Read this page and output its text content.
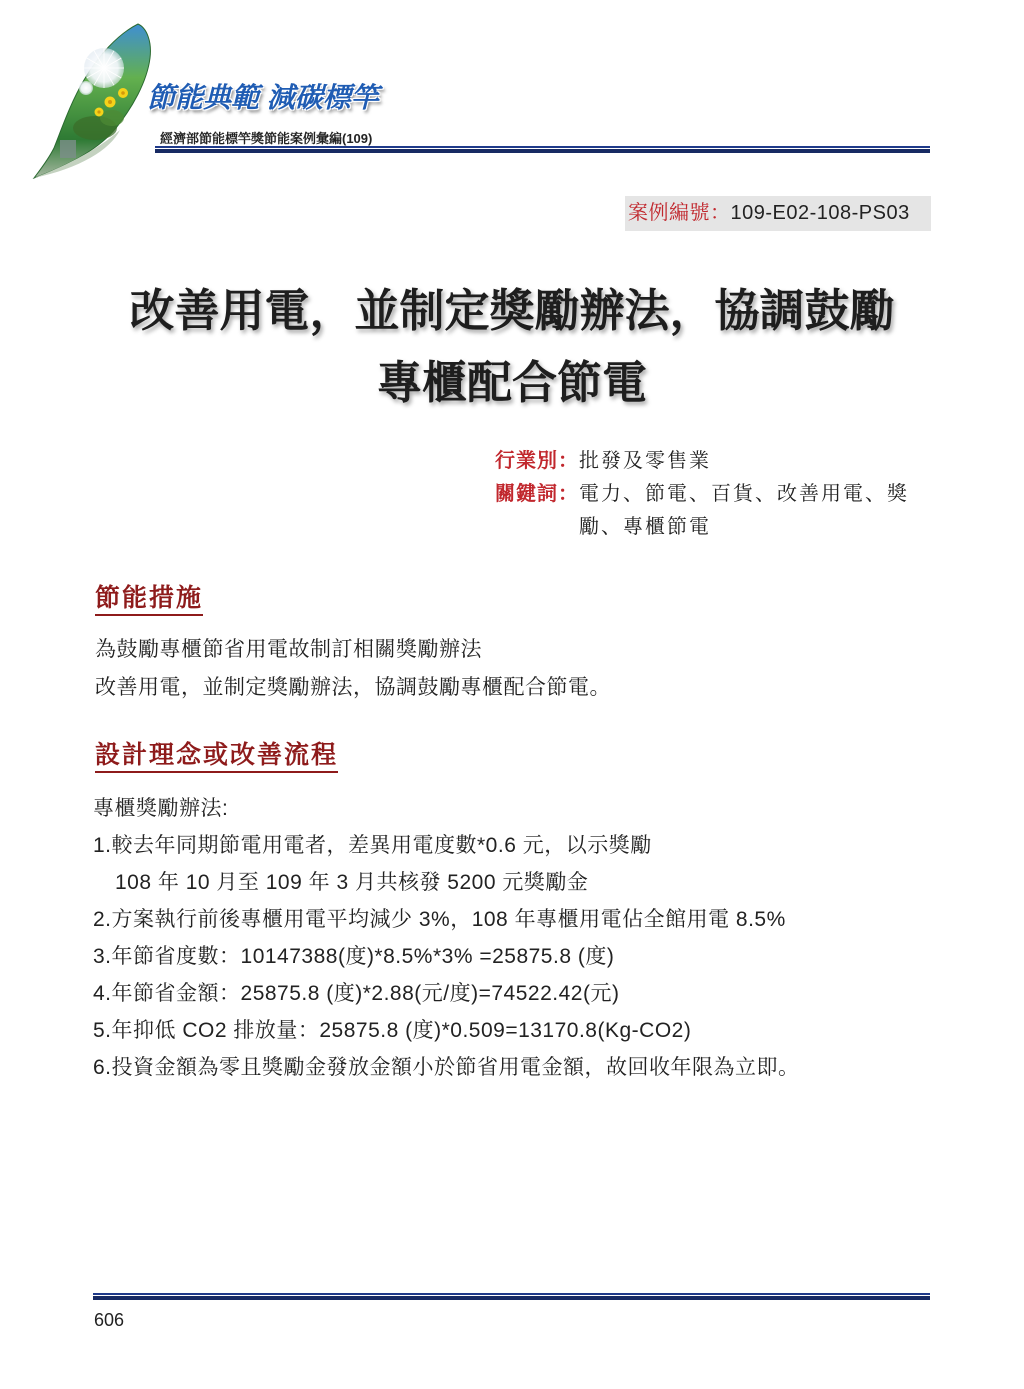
節能典範 減碳標竿
經濟部節能標竿獎節能案例彙編(109)
案例編號：109-E02-108-PS03
改善用電，並制定獎勵辦法，協調鼓勵
專櫃配合節電
行業別： 批發及零售業
關鍵詞： 電力、節電、百貨、改善用電、獎
勵、專櫃節電
節能措施
為鼓勵專櫃節省用電故制訂相關獎勵辦法
改善用電，並制定獎勵辦法，協調鼓勵專櫃配合節電。
設計理念或改善流程
專櫃獎勵辦法:
1.較去年同期節電用電者，差異用電度數*0.6 元，以示獎勵
108 年 10 月至 109 年 3 月共核發 5200 元獎勵金
2.方案執行前後專櫃用電平均減少 3%，108 年專櫃用電佔全館用電 8.5%
3.年節省度數：10147388(度)*8.5%*3% =25875.8 (度)
4.年節省金額：25875.8 (度)*2.88(元/度)=74522.42(元)
5.年抑低 CO2 排放量：25875.8 (度)*0.509=13170.8(Kg-CO2)
6.投資金額為零且獎勵金發放金額小於節省用電金額，故回收年限為立即。
606
